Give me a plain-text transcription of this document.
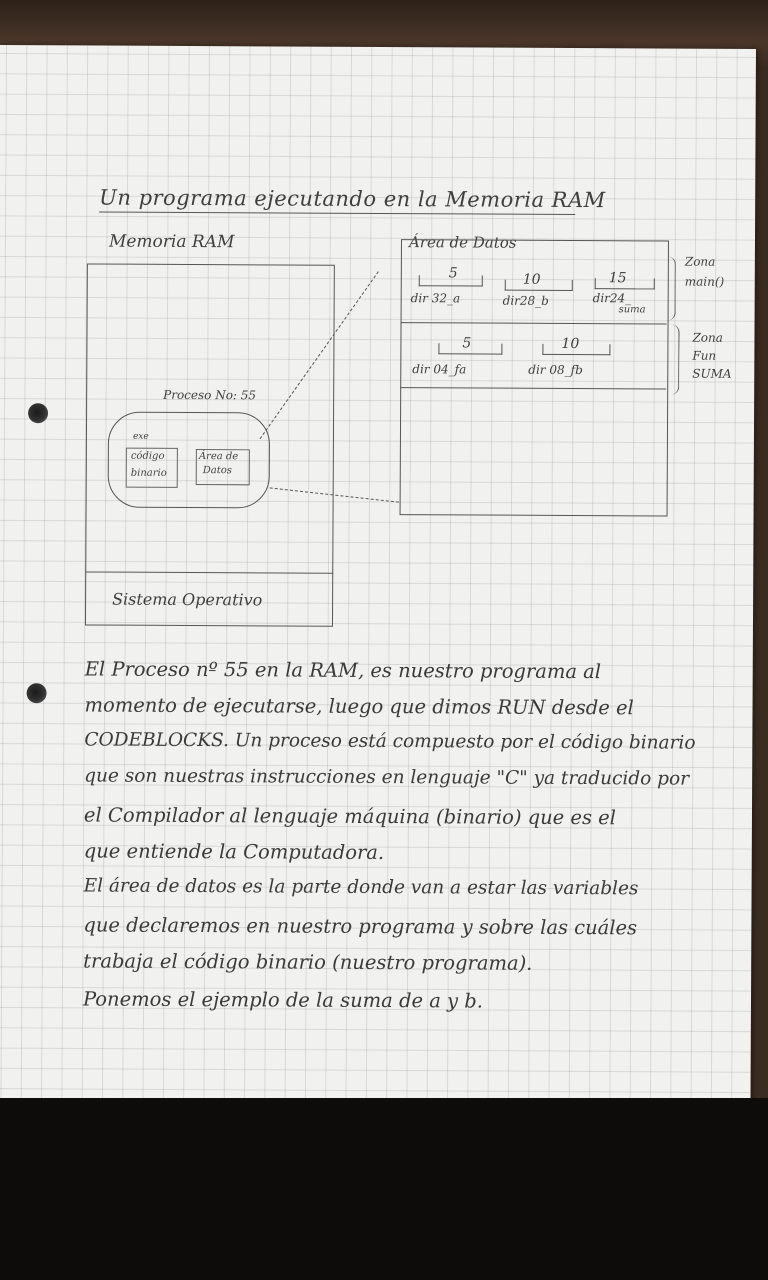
Un programa ejecutando en la Memoria RAM
Memoria RAM	Área de Datos
Sistema Operativo
Proceso No: 55
exe
código
binario
Área de
Datos
5
dir 32_a
10
dir28_b
15
dir24_
suma
5
dir 04_fa
10
dir 08_fb
Zona
main()
Zona
Fun
SUMA
El Proceso nº 55 en la RAM, es nuestro programa al
momento de ejecutarse, luego que dimos RUN desde el
CODEBLOCKS. Un proceso está compuesto por el código binario
que son nuestras instrucciones en lenguaje "C" ya traducido por
el Compilador al lenguaje máquina (binario) que es el
que entiende la Computadora.
El área de datos es la parte donde van a estar las variables
que declaremos en nuestro programa y sobre las cuáles
trabaja el código binario (nuestro programa).
Ponemos el ejemplo de la suma de a y b.
